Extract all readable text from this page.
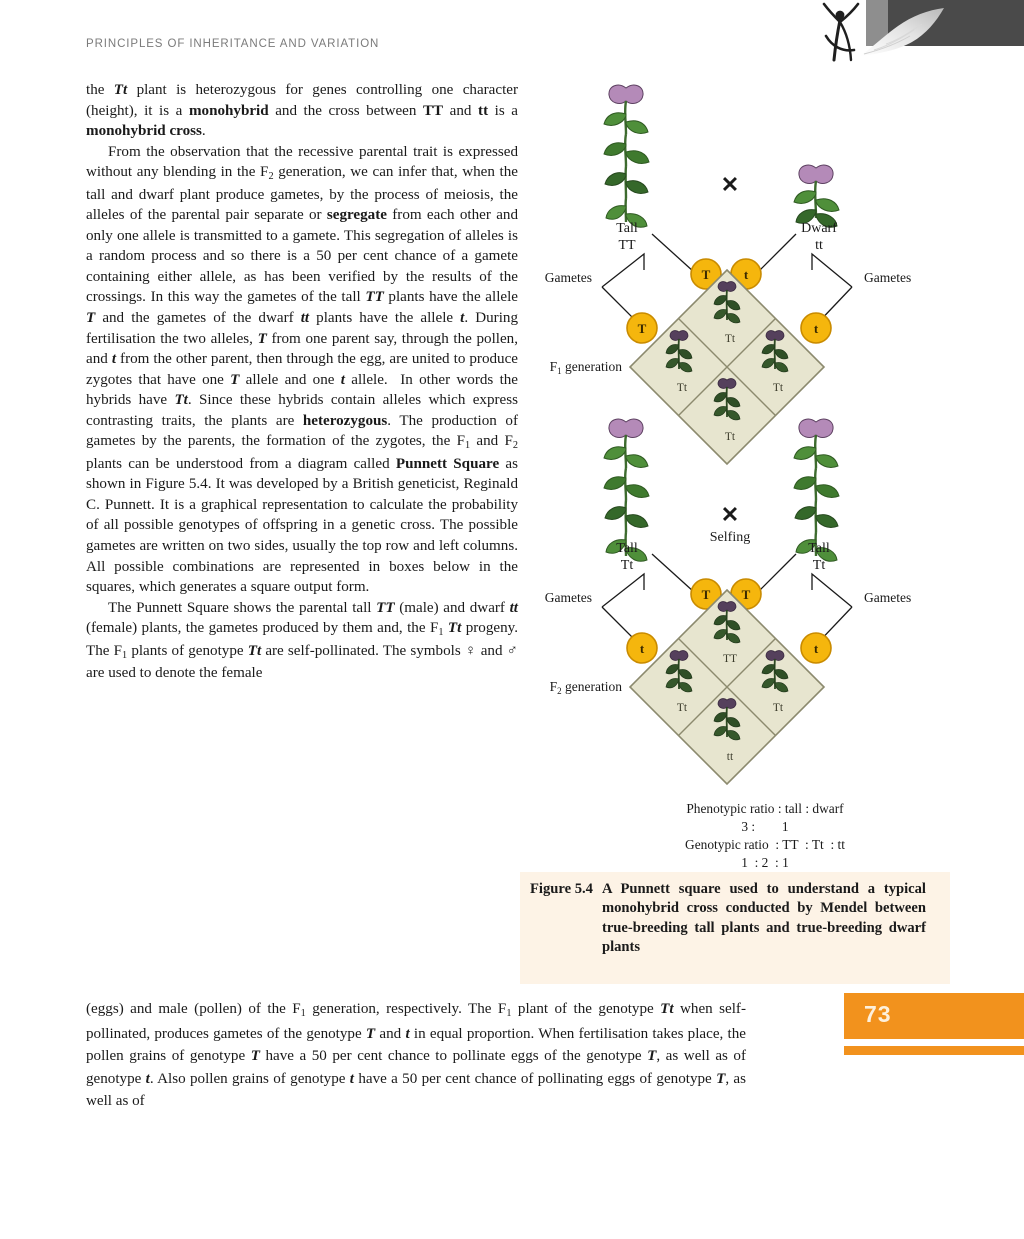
PRINCIPLES OF INHERITANCE AND VARIATION

the Tt plant is heterozygous for genes controlling one character (height), it is a monohybrid and the cross between TT and tt is a monohybrid cross.

From the observation that the recessive parental trait is expressed without any blending in the $F_2$ generation, we can infer that, when the tall and dwarf plant produce gametes, by the process of meiosis, the alleles of the parental pair separate or segregate from each other and only one allele is transmitted to a gamete. This segregation of alleles is a random process and so there is a 50 per cent chance of a gamete containing either allele, as has been verified by the results of the crossings. In this way the gametes of the tall TT plants have the allele T and the gametes of the dwarf tt plants have the allele t. During fertilisation the two alleles, T from one parent say, through the pollen, and t from the other parent, then through the egg, are united to produce zygotes that have one T allele and one t allele.  In other words the hybrids have Tt. Since these hybrids contain alleles which express contrasting traits, the plants are heterozygous. The production of gametes by the parents, the formation of the zygotes, the $F_1$ and $F_2$ plants can be understood from a diagram called Punnett Square as shown in Figure 5.4. It was developed by a British geneticist, Reginald C. Punnett. It is a graphical representation to calculate the probability of all possible genotypes of offspring in a genetic cross. The possible gametes are written on two sides, usually the top row and left columns. All possible combinations are represented in boxes below in the squares, which generates a square output form.

The Punnett Square shows the parental tall TT (male) and dwarf tt (female) plants, the gametes produced by them and, the $F_1$ Tt progeny. The $F_1$ plants of genotype Tt are self-pollinated. The symbols ♀ and ♂ are used to denote the female

(eggs) and male (pollen) of the $F_1$ generation, respectively. The $F_1$ plant of the genotype Tt when self-pollinated, produces gametes of the genotype T and t in equal proportion. When fertilisation takes place, the pollen grains of genotype T have a 50 per cent chance to pollinate eggs of the genotype T, as well as of genotype t. Also pollen grains of genotype t have a 50 per cent chance of pollinating eggs of genotype T, as well as of

✕
Tall
TT
Dwarf
tt
Gametes	Gametes
T	t
T	t
Tt
Tt	Tt
Tt
$F_1$ generation
✕
Selfing
Tall
Tt
Tall
Tt
Gametes	Gametes
T T
t	t
TT
Tt	Tt
tt
$F_2$ generation
Phenotypic ratio : tall : dwarf
3 :        1
Genotypic ratio  : TT  : Tt  : tt
1  : 2  : 1
Figure 5.4 A Punnett square used to understand a typical monohybrid cross conducted by Mendel between true-breeding tall plants and true-breeding dwarf plants
73
